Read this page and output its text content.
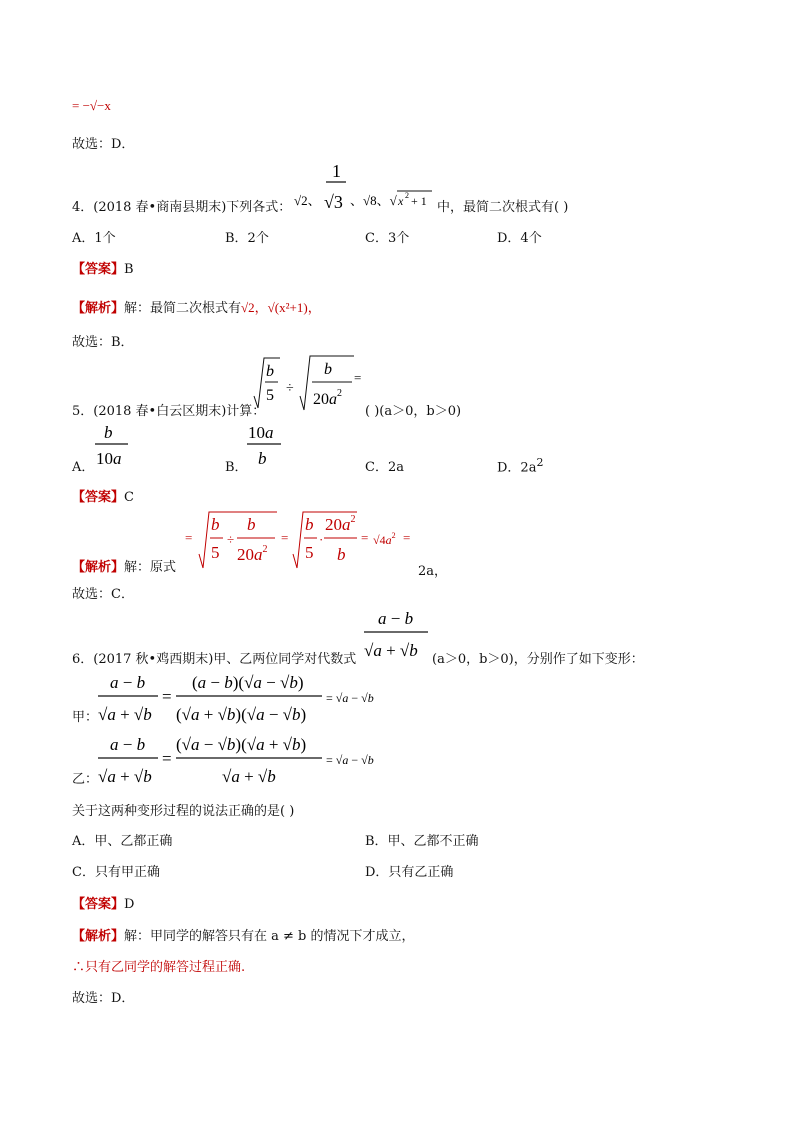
= −√−x
故选：D．
4．(2018 春•商南县期末)下列各式： √2、
1
√3 、√8、√ x 2 + 1 中，最简二次根式有( )
A．1个	B．2个	C．3个	D．4个
【答案】B
【解析】解：最简二次根式有√2，√(x²+1)，
故选：B．
5．(2018 春•白云区期末)计算：
b
5 ÷
b
$20a^2$
=
( )(a＞0，b＞0)
A．
b
10a	B．
10a
b	C．2a	D．$2a^2$
【答案】C
【解析】解：原式
=
b
5
÷
b
$20a^2$
=
b
5
·
$20a^2$
b
= $√4a^2$ =
2a，
故选：C．
6．(2017 秋•鸡西期末)甲、乙两位同学对代数式
a − b
√a + √b (a＞0，b＞0)，分别作了如下变形：
甲：
a − b
√a + √b
=
(a − b)(√a − √b)
(√a + √b)(√a − √b)
= √a − √b
乙：
a − b
√a + √b
=
(√a − √b)(√a + √b)
√a + √b
= √a − √b
关于这两种变形过程的说法正确的是( )
A．甲、乙都正确	B．甲、乙都不正确
C．只有甲正确	D．只有乙正确
【答案】D
【解析】解：甲同学的解答只有在 a ≠ b 的情况下才成立，
∴只有乙同学的解答过程正确.
故选：D．
